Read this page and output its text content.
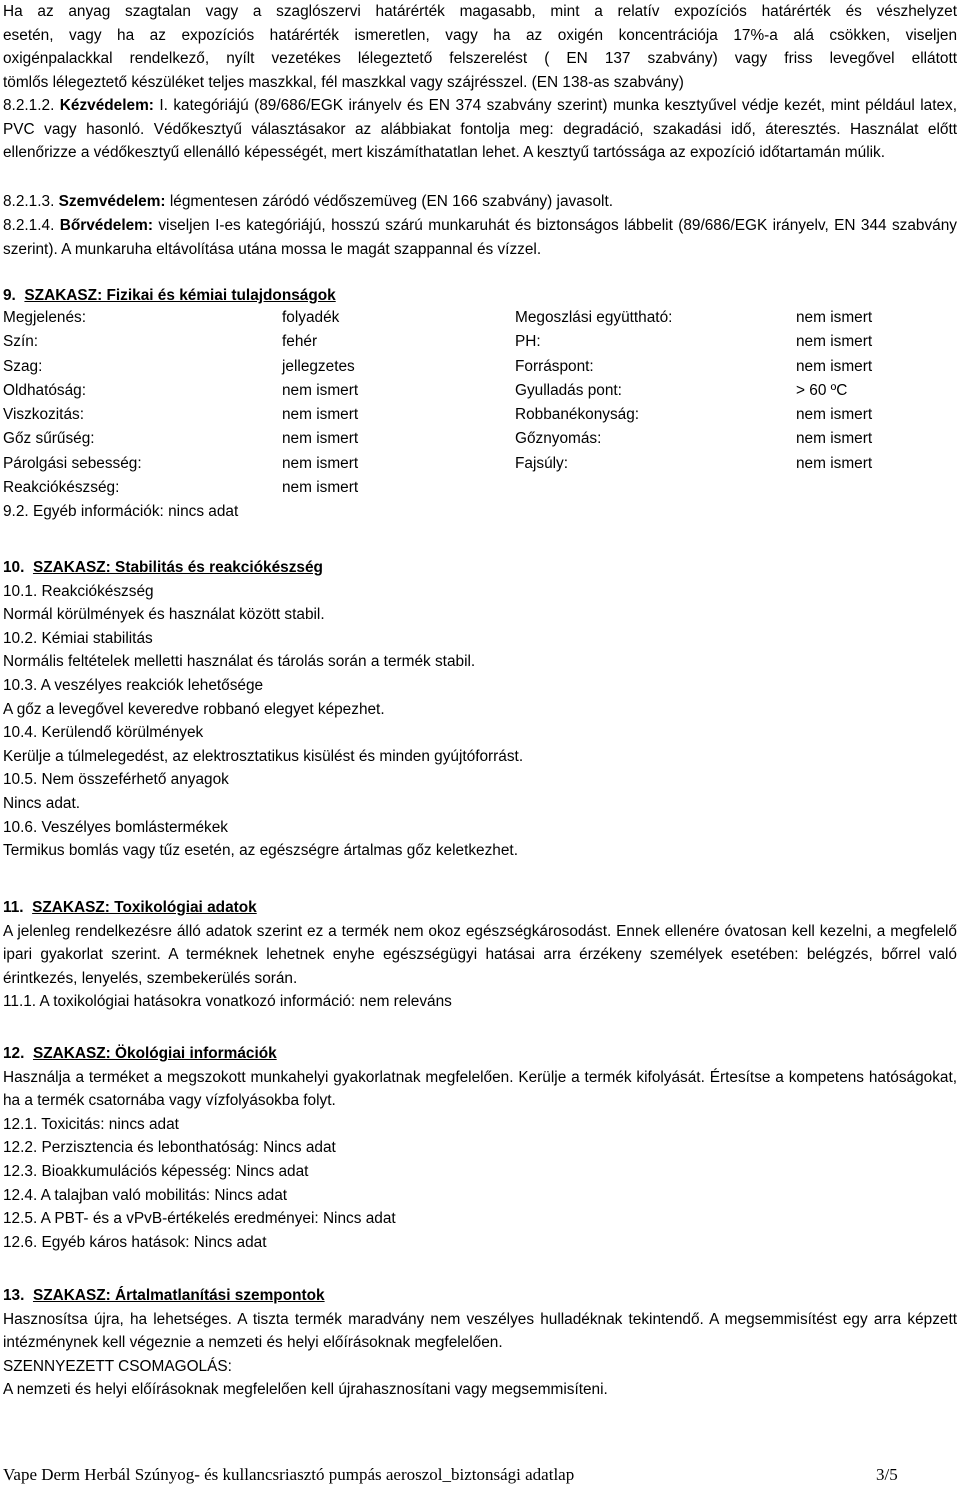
Ha az anyag szagtalan vagy a szaglószervi határérték magasabb, mint a relatív expozíciós határérték és vészhelyzet

esetén, vagy ha az expozíciós határérték ismeretlen, vagy ha az oxigén koncentrációja 17%-a alá csökken, viseljen

oxigénpalackkal rendelkező, nyílt vezetékes lélegeztető felszerelést ( EN 137 szabvány) vagy friss levegővel ellátott

tömlős lélegeztető készüléket teljes maszkkal, fél maszkkal vagy szájrésszel. (EN 138-as szabvány)

8.2.1.2. Kézvédelem: I. kategóriájú (89/686/EGK irányelv és EN 374 szabvány szerint) munka kesztyűvel védje kezét, mint például latex, PVC vagy hasonló. Védőkesztyű választásakor az alábbiakat fontolja meg: degradáció, szakadási idő, áteresztés. Használat előtt ellenőrizze a védőkesztyű ellenálló képességét, mert kiszámíthatatlan lehet. A kesztyű tartóssága az expozíció időtartamán múlik.
8.2.1.3. Szemvédelem: légmentesen záródó védőszemüveg (EN 166 szabvány) javasolt.
8.2.1.4. Bőrvédelem: viseljen I-es kategóriájú, hosszú szárú munkaruhát és biztonságos lábbelit (89/686/EGK irányelv, EN 344 szabvány szerint). A munkaruha eltávolítása utána mossa le magát szappannal és vízzel.

9. SZAKASZ: Fizikai és kémiai tulajdonságok

Megjelenés:	folyadék	Megoszlási együttható:	nem ismert
Szín:	fehér	PH:	nem ismert
Szag:	jellegzetes	Forráspont:	nem ismert
Oldhatóság:	nem ismert	Gyulladás pont:	> 60 ºC
Viszkozitás:	nem ismert	Robbanékonyság:	nem ismert
Gőz sűrűség:	nem ismert	Gőznyomás:	nem ismert
Párolgási sebesség:	nem ismert	Fajsúly:	nem ismert
Reakciókészség:	nem ismert

9.2. Egyéb információk: nincs adat

10. SZAKASZ: Stabilitás és reakciókészség

10.1. Reakciókészség

Normál körülmények és használat között stabil.

10.2. Kémiai stabilitás

Normális feltételek melletti használat és tárolás során a termék stabil.

10.3. A veszélyes reakciók lehetősége

A gőz a levegővel keveredve robbanó elegyet képezhet.

10.4. Kerülendő körülmények

Kerülje a túlmelegedést, az elektrosztatikus kisülést és minden gyújtóforrást.

10.5. Nem összeférhető anyagok

Nincs adat.

10.6. Veszélyes bomlástermékek

Termikus bomlás vagy tűz esetén, az egészségre ártalmas gőz keletkezhet.

11. SZAKASZ: Toxikológiai adatok

A jelenleg rendelkezésre álló adatok szerint ez a termék nem okoz egészségkárosodást. Ennek ellenére óvatosan kell kezelni, a megfelelő ipari gyakorlat szerint. A terméknek lehetnek enyhe egészségügyi hatásai arra érzékeny személyek esetében: belégzés, bőrrel való érintkezés, lenyelés, szembekerülés során.

11.1. A toxikológiai hatásokra vonatkozó információ: nem releváns

12. SZAKASZ: Ökológiai információk

Használja a terméket a megszokott munkahelyi gyakorlatnak megfelelően. Kerülje a termék kifolyását. Értesítse a kompetens hatóságokat, ha a termék csatornába vagy vízfolyásokba folyt.

12.1. Toxicitás: nincs adat

12.2. Perzisztencia és lebonthatóság: Nincs adat

12.3. Bioakkumulációs képesség: Nincs adat

12.4. A talajban való mobilitás: Nincs adat

12.5. A PBT- és a vPvB-értékelés eredményei: Nincs adat

12.6. Egyéb káros hatások: Nincs adat

13. SZAKASZ: Ártalmatlanítási szempontok

Hasznosítsa újra, ha lehetséges. A tiszta termék maradvány nem veszélyes hulladéknak tekintendő. A megsemmisítést egy arra képzett intézménynek kell végeznie a nemzeti és helyi előírásoknak megfelelően.

SZENNYEZETT CSOMAGOLÁS:

A nemzeti és helyi előírásoknak megfelelően kell újrahasznosítani vagy megsemmisíteni.

Vape Derm Herbál Szúnyog- és kullancsriasztó pumpás aeroszol_biztonsági adatlap	3/5
